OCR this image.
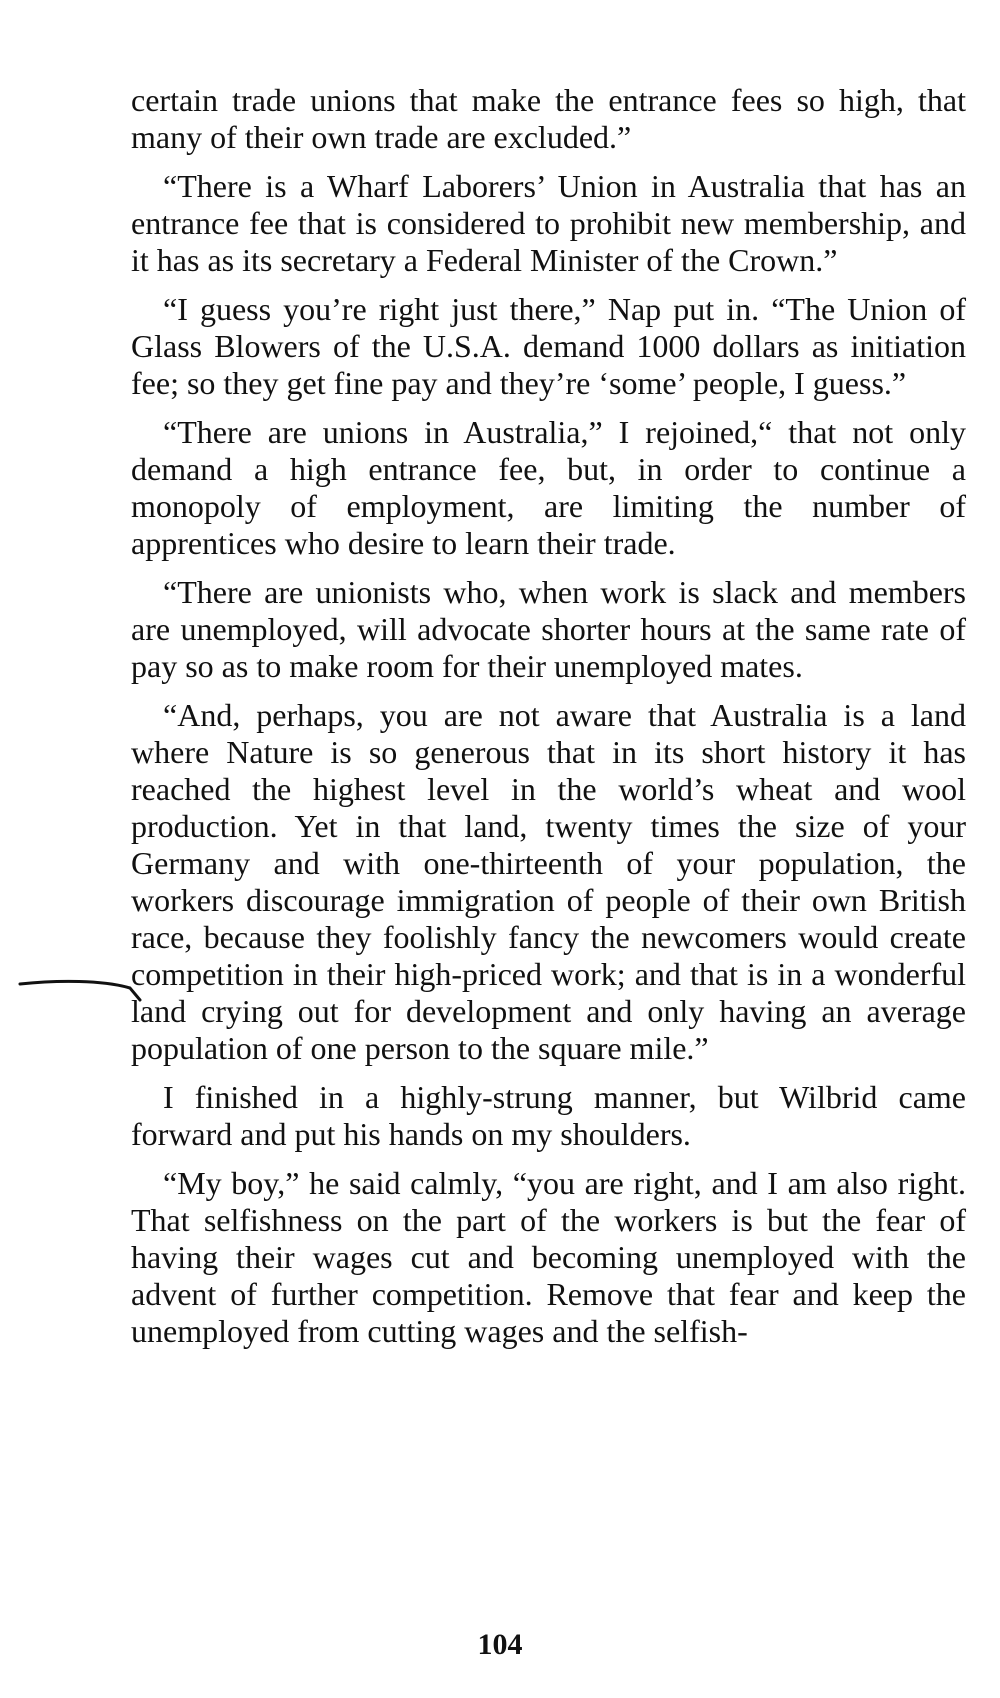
certain trade unions that make the entrance fees so high, that many of their own trade are excluded.”

“There is a Wharf Laborers’ Union in Australia that has an entrance fee that is considered to prohibit new membership, and it has as its secretary a Federal Minister of the Crown.”

“I guess you’re right just there,” Nap put in. “The Union of Glass Blowers of the U.S.A. demand 1000 dollars as initiation fee; so they get fine pay and they’re ‘some’ people, I guess.”

“There are unions in Australia,” I rejoined,“ that not only demand a high entrance fee, but, in order to continue a monopoly of employment, are limiting the number of apprentices who desire to learn their trade.

“There are unionists who, when work is slack and members are unemployed, will advocate shorter hours at the same rate of pay so as to make room for their unemployed mates.

“And, perhaps, you are not aware that Australia is a land where Nature is so generous that in its short history it has reached the highest level in the world’s wheat and wool production. Yet in that land, twenty times the size of your Germany and with one-thirteenth of your population, the workers discourage immigration of people of their own British race, because they foolishly fancy the newcomers would create competition in their high-priced work; and that is in a wonderful land crying out for development and only having an average population of one person to the square mile.”

I finished in a highly-strung manner, but Wilbrid came forward and put his hands on my shoulders.

“My boy,” he said calmly, “you are right, and I am also right. That selfishness on the part of the workers is but the fear of having their wages cut and becoming unemployed with the advent of further competition. Remove that fear and keep the unemployed from cutting wages and the selfish-

104
